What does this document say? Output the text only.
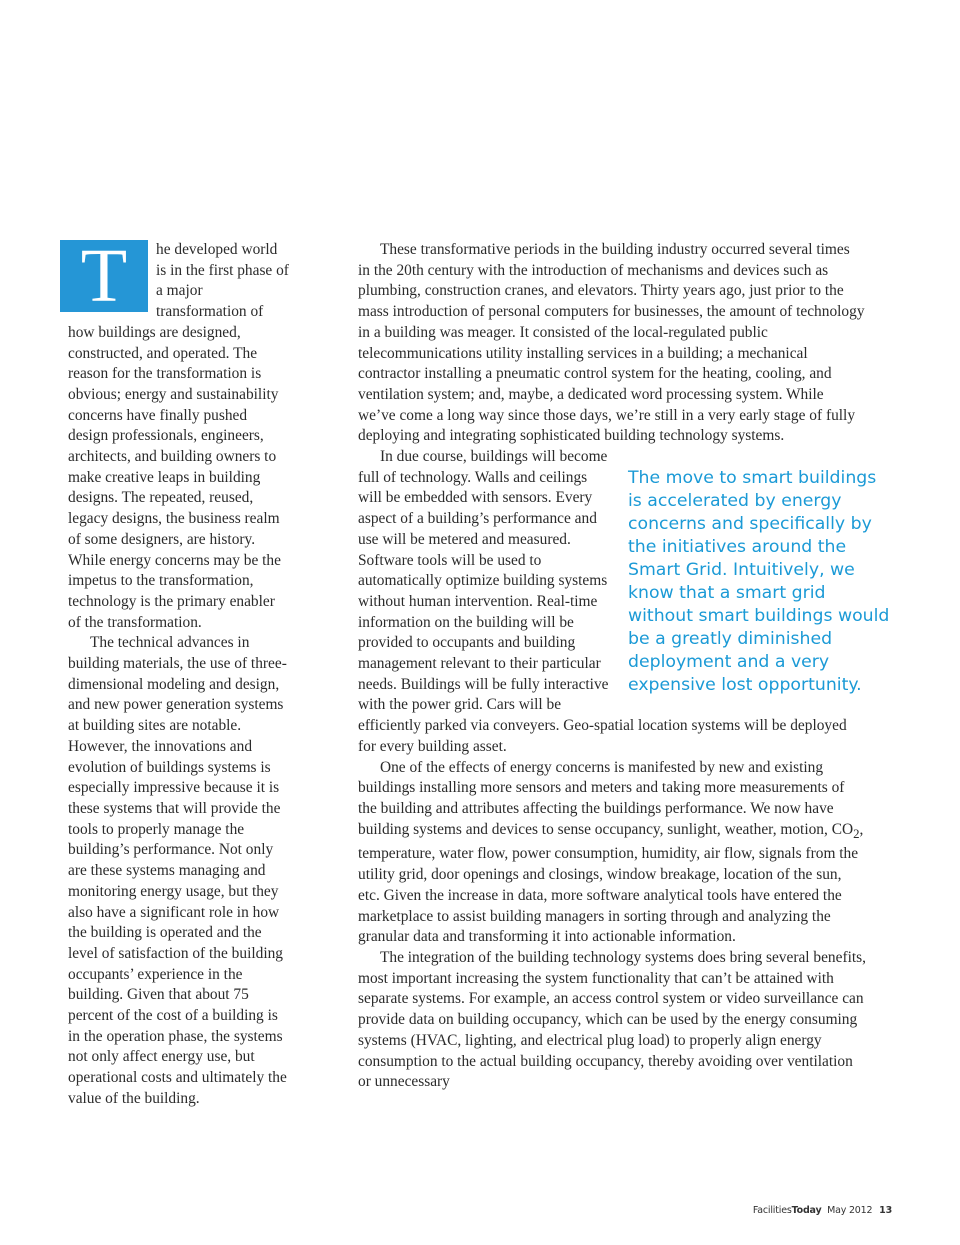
T	he developed world is in the first phase of a major transformation of how buildings are designed, constructed, and operated. The reason for the transformation is obvious; energy and sustainability concerns have finally pushed design professionals, engineers, architects, and building owners to make creative leaps in building designs. The repeated, reused, legacy designs, the business realm of some designers, are history. While energy concerns may be the impetus to the transformation, technology is the primary enabler of the transformation.

The technical advances in building materials, the use of three-dimensional modeling and design, and new power generation systems at building sites are notable. However, the innovations and evolution of buildings systems is especially impressive because it is these systems that will provide the tools to properly manage the building’s performance. Not only are these systems managing and monitoring energy usage, but they also have a significant role in how the building is operated and the level of satisfaction of the building occupants’ experience in the building. Given that about 75 percent of the cost of a building is in the operation phase, the systems not only affect energy use, but operational costs and ultimately the value of the building.

These transformative periods in the building industry occurred several times in the 20th century with the introduction of mechanisms and devices such as plumbing, construction cranes, and elevators. Thirty years ago, just prior to the mass introduction of personal computers for businesses, the amount of technology in a building was meager. It consisted of the local-regulated public telecommunications utility installing services in a building; a mechanical contractor installing a pneumatic control system for the heating, cooling, and ventilation system; and, maybe, a dedicated word processing system. While we’ve come a long way since those days, we’re still in a very early stage of fully deploying and integrating sophisticated building technology systems.

The move to smart buildings is accelerated by energy concerns and specifically by the initiatives around the Smart Grid. Intuitively, we know that a smart grid without smart buildings would be a greatly diminished deployment and a very expensive lost opportunity.

In due course, buildings will become full of technology. Walls and ceilings will be embedded with sensors. Every aspect of a building’s performance and use will be metered and measured. Software tools will be used to automatically optimize building systems without human intervention. Real-time information on the building will be provided to occupants and building management relevant to their particular needs. Buildings will be fully interactive with the power grid. Cars will be efficiently parked via conveyers. Geo-spatial location systems will be deployed for every building asset.

One of the effects of energy concerns is manifested by new and existing buildings installing more sensors and meters and taking more measurements of the building and attributes affecting the buildings performance. We now have building systems and devices to sense occupancy, sunlight, weather, motion, $CO_2$, temperature, water flow, power consumption, humidity, air flow, signals from the utility grid, door openings and closings, window breakage, location of the sun, etc. Given the increase in data, more software analytical tools have entered the marketplace to assist building managers in sorting through and analyzing the granular data and transforming it into actionable information.

The integration of the building technology systems does bring several benefits, most important increasing the system functionality that can’t be attained with separate systems. For example, an access control system or video surveillance can provide data on building occupancy, which can be used by the energy consuming systems (HVAC, lighting, and electrical plug load) to properly align energy consumption to the actual building occupancy, thereby avoiding over ventilation or unnecessary

FacilitiesToday May 2012 13
